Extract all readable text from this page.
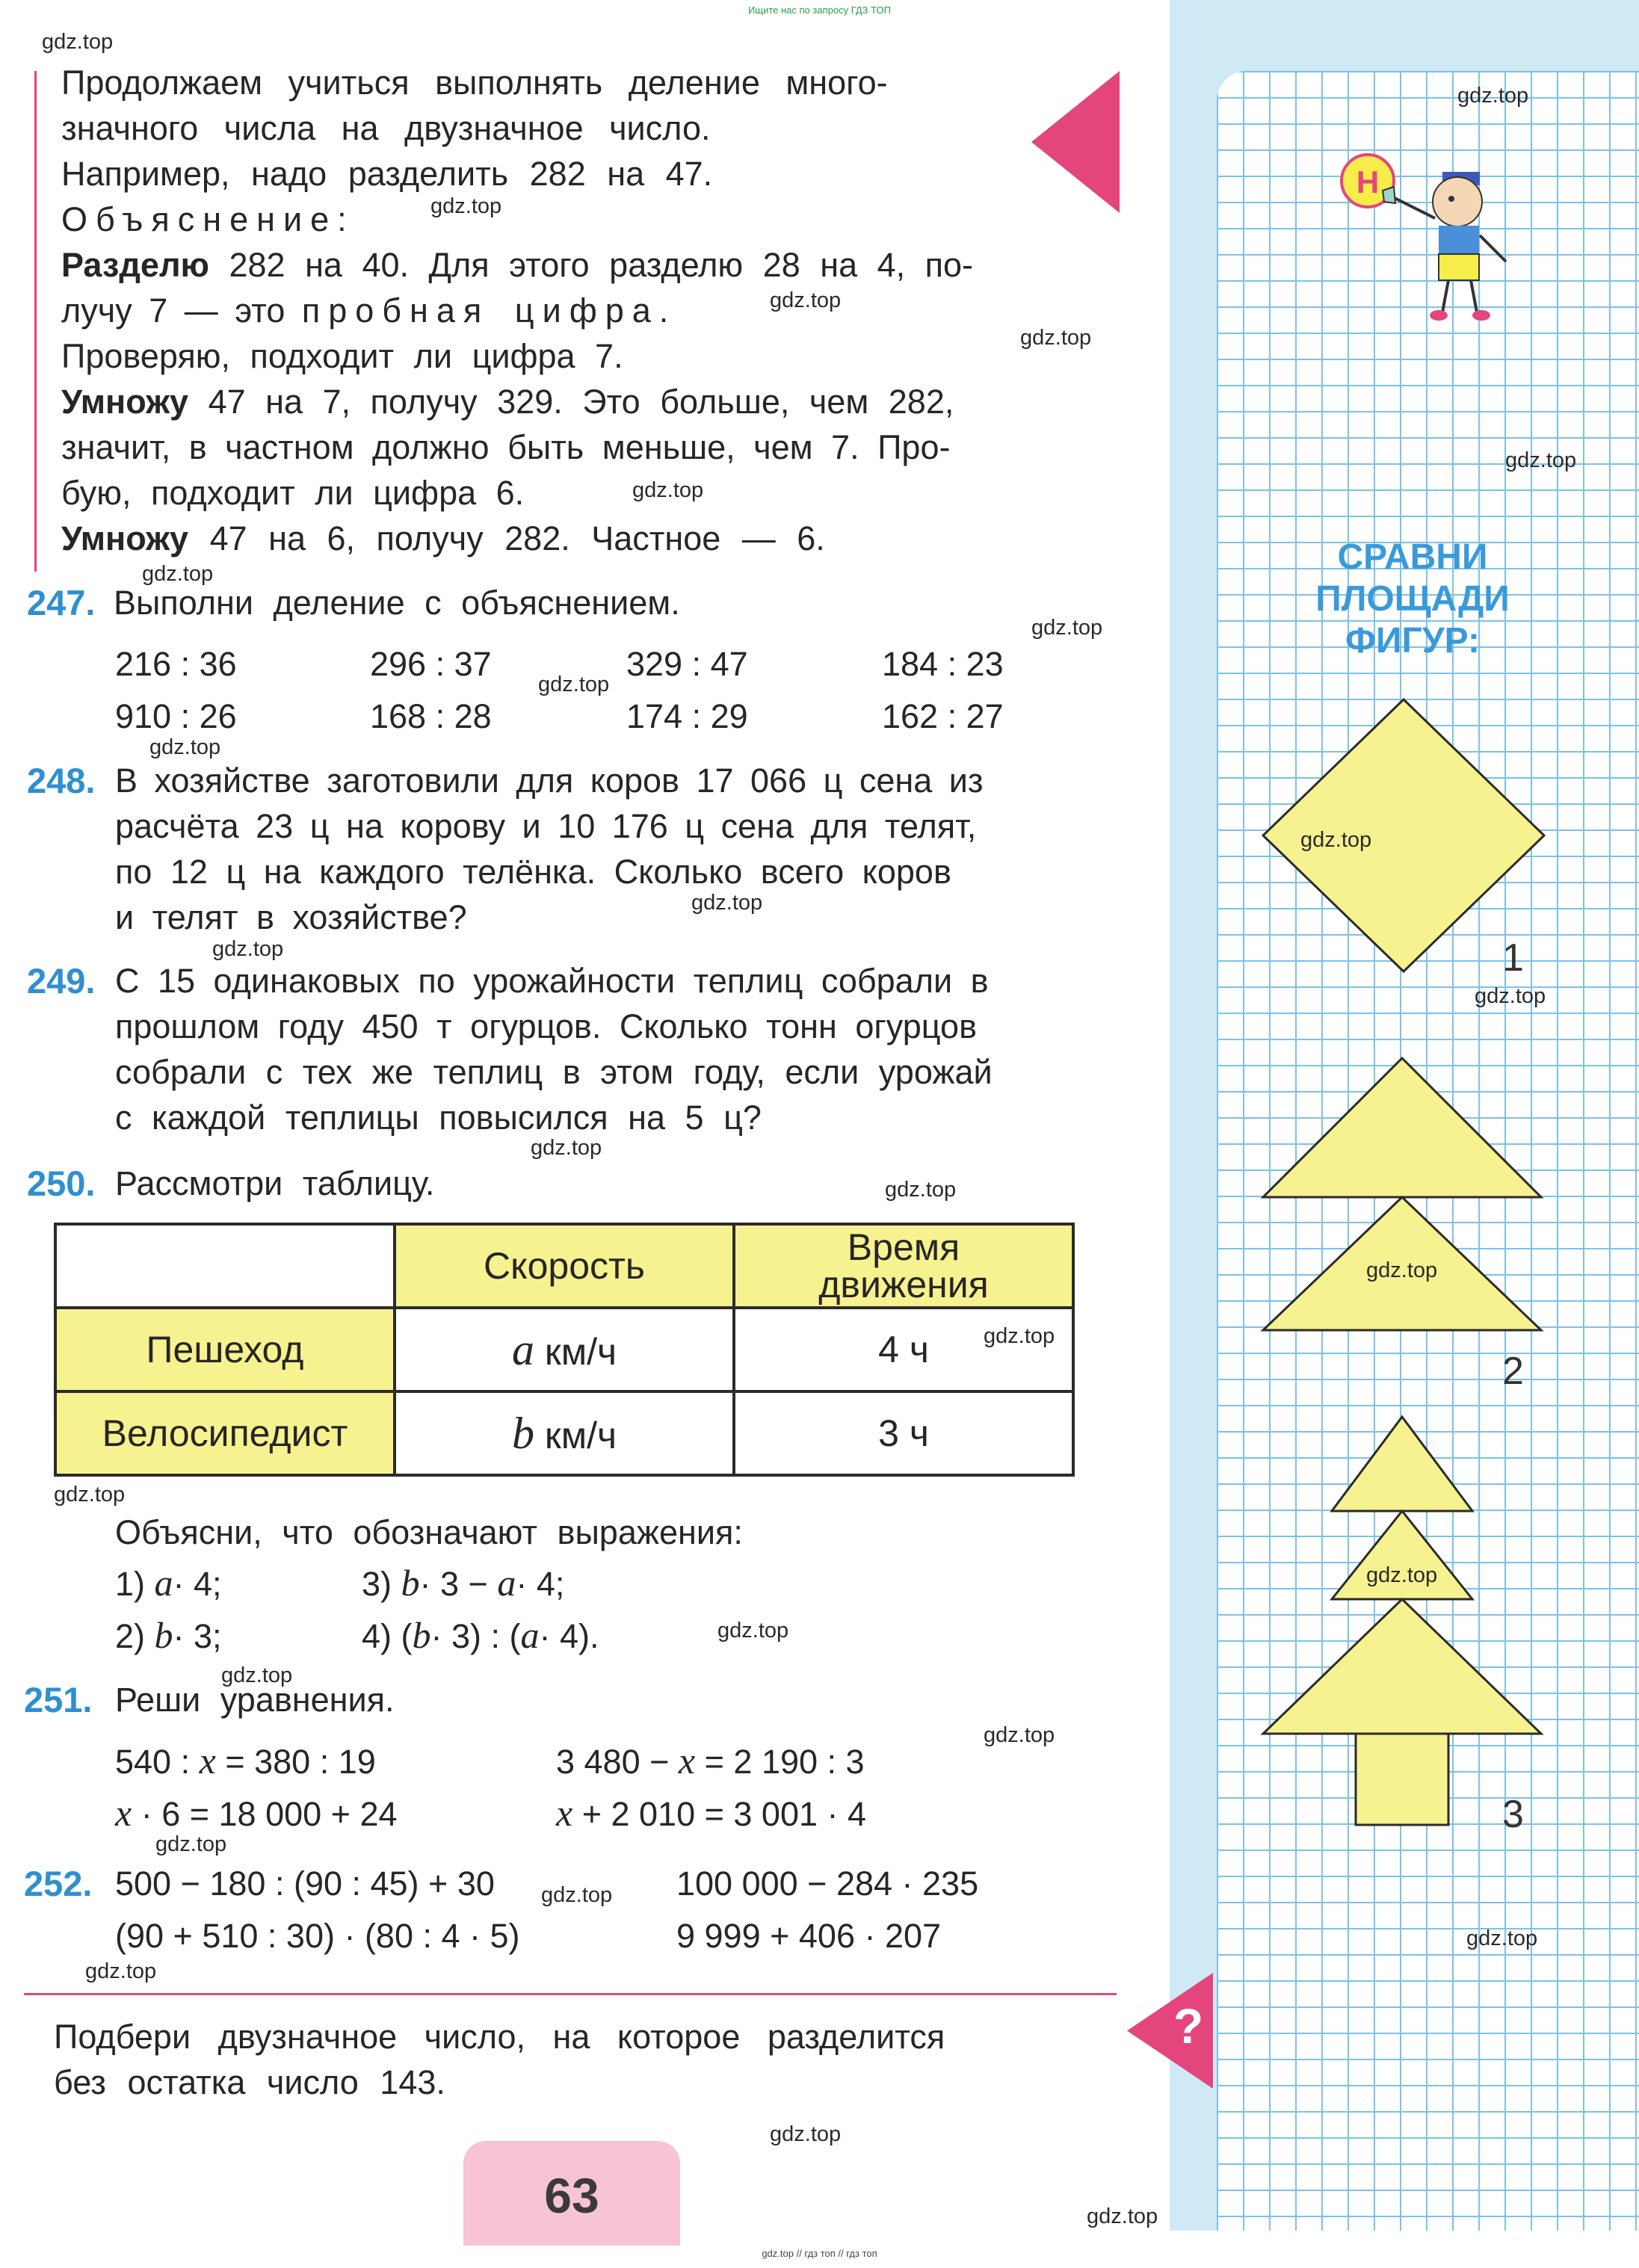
Ищите нас по запросу ГДЗ ТОП
Н
СРАВНИ
ПЛОЩАДИ
ФИГУР:
1
2
3
?
Продолжаем учиться выполнять деление много-
значного числа на двузначное число.
Например, надо разделить 282 на 47.
Объяснение:
Разделю 282 на 40. Для этого разделю 28 на 4, по-
лучу 7 — это пробная цифра.
Проверяю, подходит ли цифра 7.
Умножу 47 на 7, получу 329. Это больше, чем 282,
значит, в частном должно быть меньше, чем 7. Про-
бую, подходит ли цифра 6.
Умножу 47 на 6, получу 282. Частное — 6.
247. Выполни деление с объяснением.
216 : 36	296 : 37	329 : 47	184 : 23
910 : 26	168 : 28	174 : 29	162 : 27
248. В хозяйстве заготовили для коров 17 066 ц сена из
расчёта 23 ц на корову и 10 176 ц сена для телят,
по 12 ц на каждого телёнка. Сколько всего коров
и телят в хозяйстве?
249. С 15 одинаковых по урожайности теплиц собрали в
прошлом году 450 т огурцов. Сколько тонн огурцов
собрали с тех же теплиц в этом году, если урожай
с каждой теплицы повысился на 5 ц?
250. Рассмотри таблицу.
	Скорость	Время
движения
Пешеход	a км/ч	4 ч
Велосипедист	b км/ч	3 ч
Объясни, что обозначают выражения:
1) a· 4;
2) b· 3;
3) b· 3 − a· 4;
4) (b· 3) : (a· 4).
251. Реши уравнения.
540 : x = 380 : 19	3 480 − x = 2 190 : 3
x · 6 = 18 000 + 24	x + 2 010 = 3 001 · 4
252. 500 − 180 : (90 : 45) + 30	100 000 − 284 · 235
(90 + 510 : 30) · (80 : 4 · 5)	9 999 + 406 · 207
Подбери двузначное число, на которое разделится
без остатка число 143.
63
gdz.top
gdz.top
gdz.top
gdz.top
gdz.top
gdz.top
gdz.top
gdz.top
gdz.top
gdz.top
gdz.top
gdz.top
gdz.top
gdz.top
gdz.top
gdz.top
gdz.top
gdz.top
gdz.top
gdz.top
gdz.top
gdz.top
gdz.top
gdz.top
gdz.top
gdz.top
gdz.top
gdz.top
gdz.top
gdz.top
gdz.top // гдз топ // гдз топ
